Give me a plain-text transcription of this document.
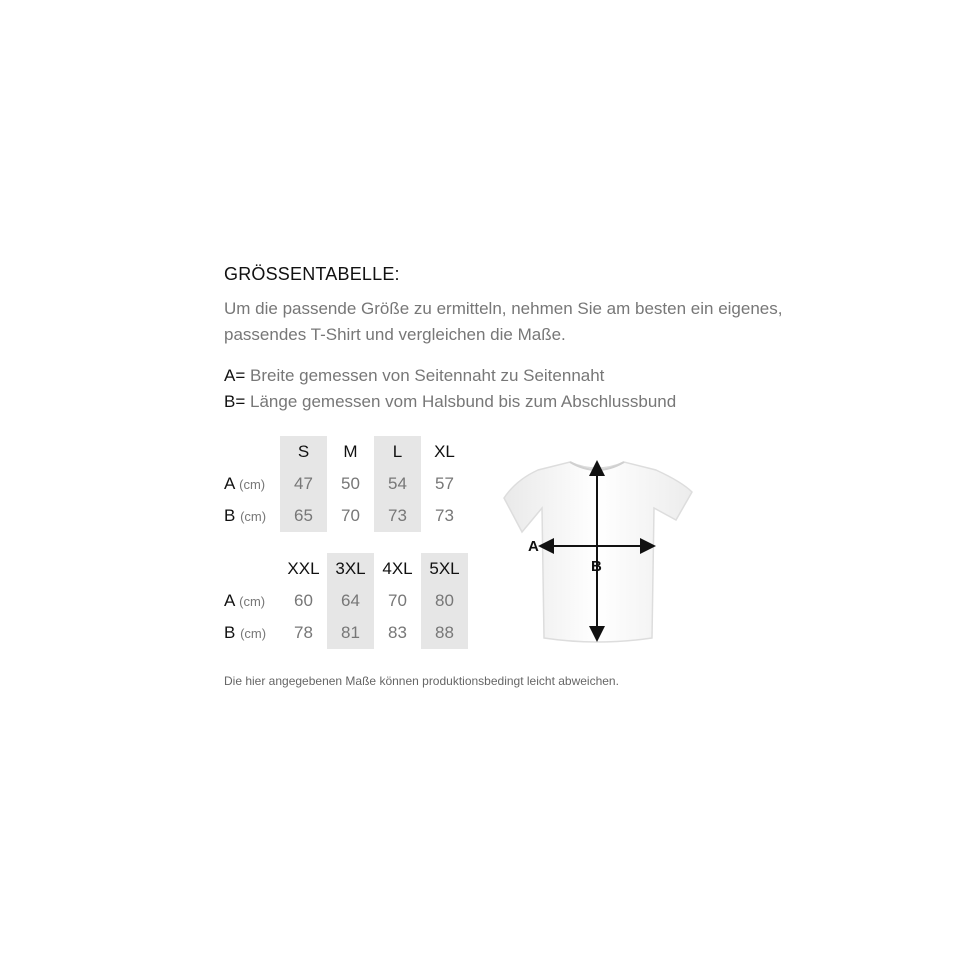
GRÖSSENTABELLE:
Um die passende Größe zu ermitteln, nehmen Sie am besten ein eigenes, passendes T-Shirt und vergleichen die Maße.
A= Breite gemessen von Seitennaht zu Seitennaht
B= Länge gemessen vom Halsbund bis zum Abschlussbund
	S	M	L	XL
A (cm)	47	50	54	57
B (cm)	65	70	73	73
	XXL	3XL	4XL	5XL
A (cm)	60	64	70	80
B (cm)	78	81	83	88
A
B
Die hier angegebenen Maße können produktionsbedingt leicht abweichen.
